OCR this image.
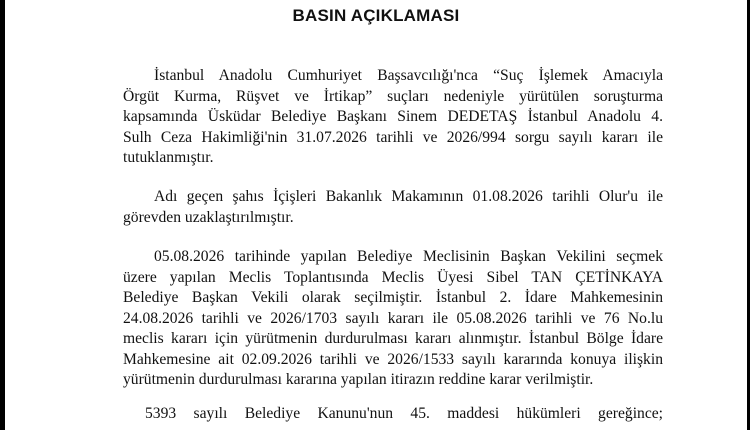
BASIN AÇIKLAMASI
İstanbul Anadolu Cumhuriyet Başsavcılığı'nca “Suç İşlemek Amacıyla
Örgüt Kurma, Rüşvet ve İrtikap” suçları nedeniyle yürütülen soruşturma
kapsamında Üsküdar Belediye Başkanı Sinem DEDETAŞ İstanbul Anadolu 4.
Sulh Ceza Hakimliği'nin 31.07.2026 tarihli ve 2026/994 sorgu sayılı kararı ile
tutuklanmıştır.
Adı geçen şahıs İçişleri Bakanlık Makamının 01.08.2026 tarihli Olur'u ile
görevden uzaklaştırılmıştır.
05.08.2026 tarihinde yapılan Belediye Meclisinin Başkan Vekilini seçmek
üzere yapılan Meclis Toplantısında Meclis Üyesi Sibel TAN ÇETİNKAYA
Belediye Başkan Vekili olarak seçilmiştir. İstanbul 2. İdare Mahkemesinin
24.08.2026 tarihli ve 2026/1703 sayılı kararı ile 05.08.2026 tarihli ve 76 No.lu
meclis kararı için yürütmenin durdurulması kararı alınmıştır. İstanbul Bölge İdare
Mahkemesine ait 02.09.2026 tarihli ve 2026/1533 sayılı kararında konuya ilişkin
yürütmenin durdurulması kararına yapılan itirazın reddine karar verilmiştir.
5393 sayılı Belediye Kanunu'nun 45. maddesi hükümleri gereğince;
